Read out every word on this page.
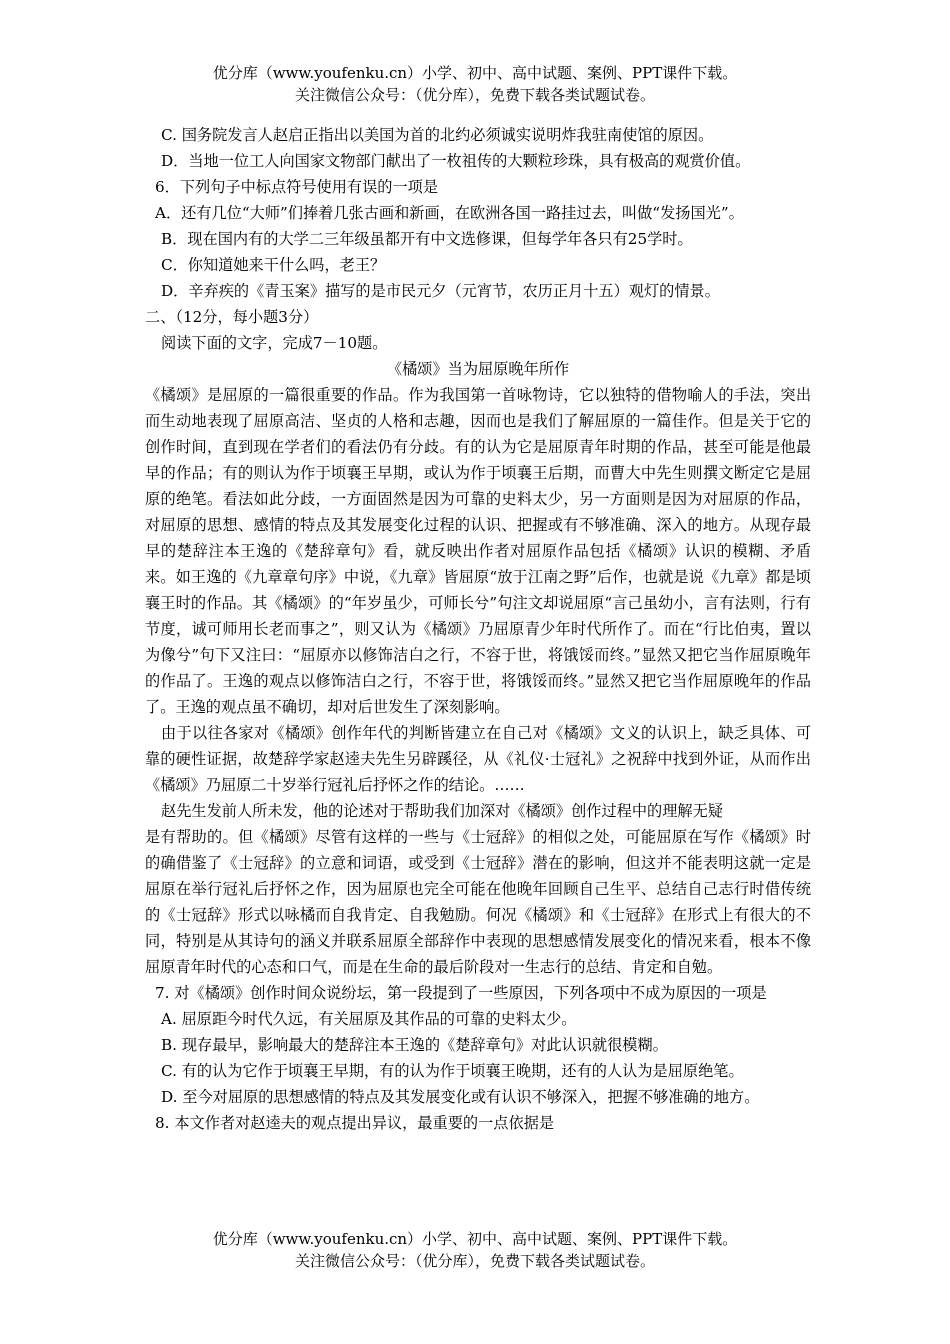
优分库（www.youfenku.cn）小学、初中、高中试题、案例、PPT课件下载。
关注微信公众号：（优分库），免费下载各类试题试卷。

C. 国务院发言人赵启正指出以美国为首的北约必须诚实说明炸我驻南使馆的原因。

D．当地一位工人向国家文物部门献出了一枚祖传的大颗粒珍珠，具有极高的观赏价值。

6．下列句子中标点符号使用有误的一项是

A．还有几位“大师”们捧着几张古画和新画，在欧洲各国一路挂过去，叫做“发扬国光”。

B．现在国内有的大学二三年级虽都开有中文选修课，但每学年各只有25学时。

C．你知道她来干什么吗，老王？

D．辛弃疾的《青玉案》描写的是市民元夕（元宵节，农历正月十五）观灯的情景。

二、（12分，每小题3分）

阅读下面的文字，完成7－10题。

《橘颂》当为屈原晚年所作

《橘颂》是屈原的一篇很重要的作品。作为我国第一首咏物诗，它以独特的借物喻人的手法，突出而生动地表现了屈原高洁、坚贞的人格和志趣，因而也是我们了解屈原的一篇佳作。但是关于它的创作时间，直到现在学者们的看法仍有分歧。有的认为它是屈原青年时期的作品，甚至可能是他最早的作品；有的则认为作于顷襄王早期，或认为作于顷襄王后期，而曹大中先生则撰文断定它是屈原的绝笔。看法如此分歧，一方面固然是因为可靠的史料太少，另一方面则是因为对屈原的作品，对屈原的思想、感情的特点及其发展变化过程的认识、把握或有不够准确、深入的地方。从现存最早的楚辞注本王逸的《楚辞章句》看，就反映出作者对屈原作品包括《橘颂》认识的模糊、矛盾来。如王逸的《九章章句序》中说，《九章》皆屈原“放于江南之野”后作，也就是说《九章》都是顷襄王时的作品。其《橘颂》的“年岁虽少，可师长兮”句注文却说屈原“言己虽幼小，言有法则，行有节度，诚可师用长老而事之”，则又认为《橘颂》乃屈原青少年时代所作了。而在“行比伯夷，置以为像兮”句下又注曰：“屈原亦以修饰洁白之行，不容于世，将饿馁而终。”显然又把它当作屈原晚年的作品了。王逸的观点以修饰洁白之行，不容于世，将饿馁而终。”显然又把它当作屈原晚年的作品了。王逸的观点虽不确切，却对后世发生了深刻影响。

由于以往各家对《橘颂》创作年代的判断皆建立在自己对《橘颂》文义的认识上，缺乏具体、可靠的硬性证据，故楚辞学家赵逵夫先生另辟蹊径，从《礼仪·士冠礼》之祝辞中找到外证，从而作出《橘颂》乃屈原二十岁举行冠礼后抒怀之作的结论。……

赵先生发前人所未发，他的论述对于帮助我们加深对《橘颂》创作过程中的理解无疑

是有帮助的。但《橘颂》尽管有这样的一些与《士冠辞》的相似之处，可能屈原在写作《橘颂》时的确借鉴了《士冠辞》的立意和词语，或受到《士冠辞》潜在的影响，但这并不能表明这就一定是屈原在举行冠礼后抒怀之作，因为屈原也完全可能在他晚年回顾自己生平、总结自己志行时借传统的《士冠辞》形式以咏橘而自我肯定、自我勉励。何况《橘颂》和《士冠辞》在形式上有很大的不同，特别是从其诗句的涵义并联系屈原全部辞作中表现的思想感情发展变化的情况来看，根本不像屈原青年时代的心态和口气，而是在生命的最后阶段对一生志行的总结、肯定和自勉。

7. 对《橘颂》创作时间众说纷坛，第一段提到了一些原因，下列各项中不成为原因的一项是

A. 屈原距今时代久远，有关屈原及其作品的可靠的史料太少。

B. 现存最早，影响最大的楚辞注本王逸的《楚辞章句》对此认识就很模糊。

C. 有的认为它作于顷襄王早期，有的认为作于顷襄王晚期，还有的人认为是屈原绝笔。

D. 至今对屈原的思想感情的特点及其发展变化或有认识不够深入，把握不够准确的地方。

8. 本文作者对赵逵夫的观点提出异议，最重要的一点依据是

优分库（www.youfenku.cn）小学、初中、高中试题、案例、PPT课件下载。
关注微信公众号：（优分库），免费下载各类试题试卷。
